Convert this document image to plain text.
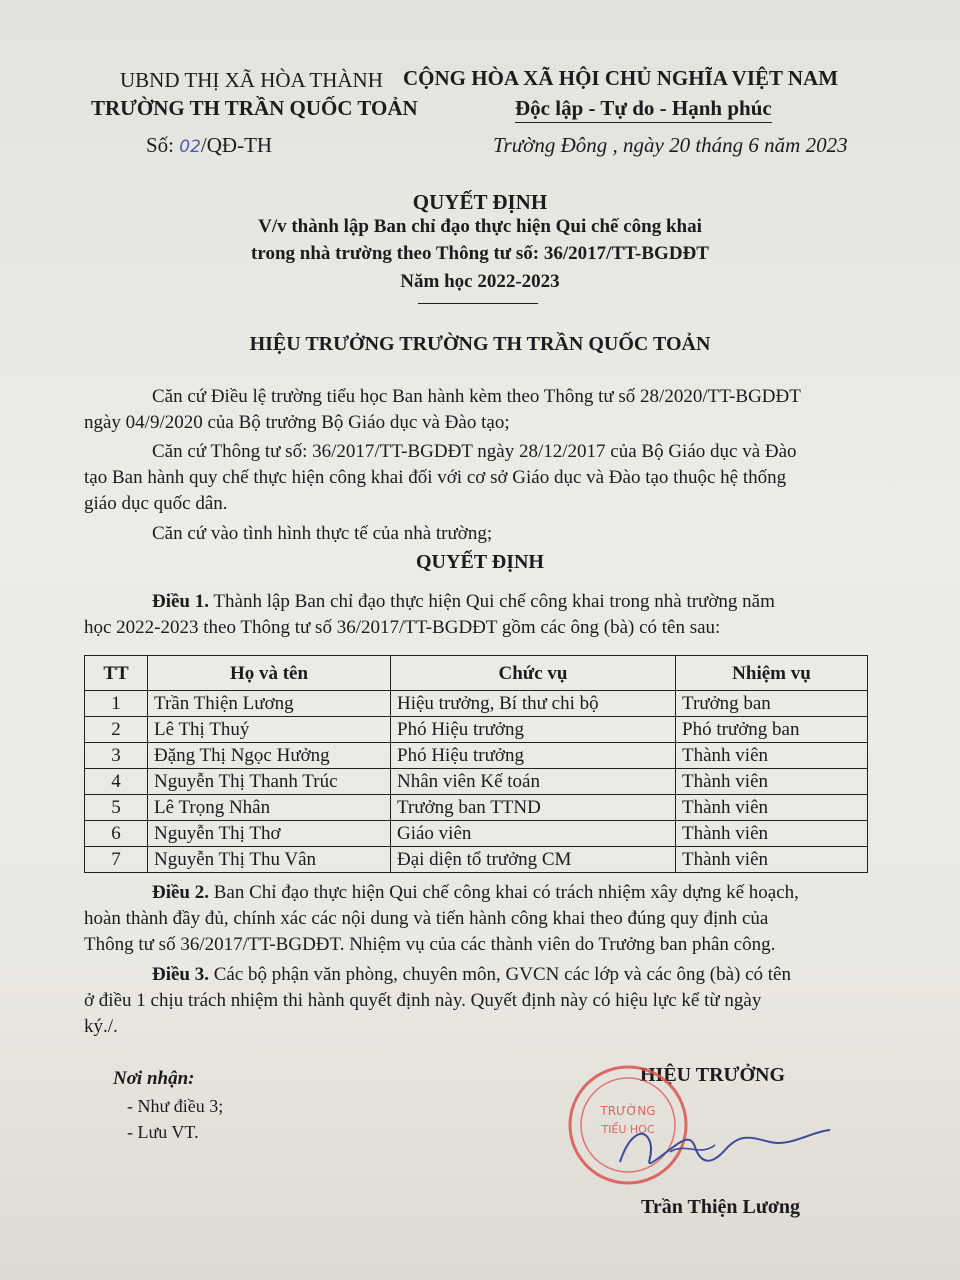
UBND THỊ XÃ HÒA THÀNH
TRƯỜNG TH TRẦN QUỐC TOẢN
Số: 02/QĐ-TH
CỘNG HÒA XÃ HỘI CHỦ NGHĨA VIỆT NAM
Độc lập - Tự do - Hạnh phúc
Trường Đông , ngày 20 tháng 6 năm 2023
QUYẾT ĐỊNH
V/v thành lập Ban chỉ đạo thực hiện Qui chế công khai
trong nhà trường theo Thông tư số: 36/2017/TT-BGDĐT
Năm học 2022-2023
HIỆU TRƯỞNG TRƯỜNG TH TRẦN QUỐC TOẢN
Căn cứ Điều lệ trường tiểu học Ban hành kèm theo Thông tư số 28/2020/TT-BGDĐT
ngày 04/9/2020 của Bộ trưởng Bộ Giáo dục và Đào tạo;
Căn cứ Thông tư số: 36/2017/TT-BGDĐT ngày 28/12/2017 của Bộ Giáo dục và Đào
tạo Ban hành quy chế thực hiện công khai đối với cơ sở Giáo dục và Đào tạo thuộc hệ thống
giáo dục quốc dân.
Căn cứ vào tình hình thực tế của nhà trường;
QUYẾT ĐỊNH
Điều 1. Thành lập Ban chỉ đạo thực hiện Qui chế công khai trong nhà trường năm
học 2022-2023 theo Thông tư số 36/2017/TT-BGDĐT gồm các ông (bà) có tên sau:
TT	Họ và tên	Chức vụ	Nhiệm vụ
1	Trần Thiện Lương	Hiệu trưởng, Bí thư chi bộ	Trưởng ban
2	Lê Thị Thuý	Phó Hiệu trưởng	Phó trưởng ban
3	Đặng Thị Ngọc Hưởng	Phó Hiệu trưởng	Thành viên
4	Nguyễn Thị Thanh Trúc	Nhân viên Kế toán	Thành viên
5	Lê Trọng Nhân	Trưởng ban TTND	Thành viên
6	Nguyễn Thị Thơ	Giáo viên	Thành viên
7	Nguyễn Thị Thu Vân	Đại diện tổ trưởng CM	Thành viên
Điều 2. Ban Chỉ đạo thực hiện Qui chế công khai có trách nhiệm xây dựng kế hoạch,
hoàn thành đầy đủ, chính xác các nội dung và tiến hành công khai theo đúng quy định của
Thông tư số 36/2017/TT-BGDĐT. Nhiệm vụ của các thành viên do Trưởng ban phân công.
Điều 3. Các bộ phận văn phòng, chuyên môn, GVCN các lớp và các ông (bà) có tên
ở điều 1 chịu trách nhiệm thi hành quyết định này. Quyết định này có hiệu lực kể từ ngày
ký./.
Nơi nhận:
- Như điều 3;
- Lưu VT.
HIỆU TRƯỞNG
TRƯỜNG
TIỂU HỌC
Trần Thiện Lương
